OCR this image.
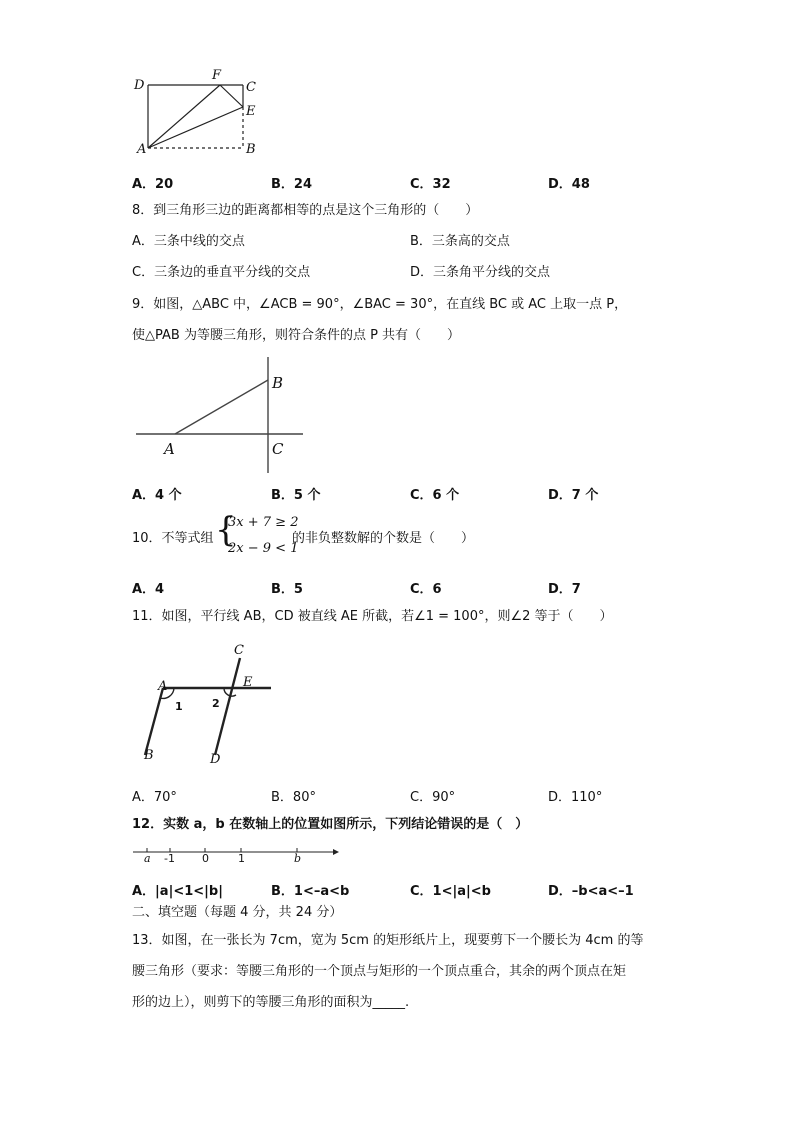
D
F
C
E
A	B
A．20	B．24	C．32	D．48
8．到三角形三边的距离都相等的点是这个三角形的（　　）
A．三条中线的交点	B．三条高的交点
C．三条边的垂直平分线的交点	D．三条角平分线的交点
9．如图，△ABC 中，∠ACB = 90°，∠BAC = 30°，在直线 BC 或 AC 上取一点 P，
使△PAB 为等腰三角形，则符合条件的点 P 共有（　　）
B
A	C
A．4 个	B．5 个	C．6 个	D．7 个
10．不等式组 {
3x + 7 ≥ 2
2x − 9 < 1
的非负整数解的个数是（　　）
A．4	B．5	C．6	D．7
11．如图，平行线 AB，CD 被直线 AE 所截，若∠1 = 100°，则∠2 等于（　　）
C
A	E
1	2
B	D
A．70°	B．80°	C．90°	D．110°
12．实数 a，b 在数轴上的位置如图所示，下列结论错误的是（　）
a -1 0	1	b
A．|a|<1<|b|	B．1<–a<b	C．1<|a|<b	D．–b<a<–1
二、填空题（每题 4 分，共 24 分）
13．如图，在一张长为 7cm，宽为 5cm 的矩形纸片上，现要剪下一个腰长为 4cm 的等
腰三角形（要求：等腰三角形的一个顶点与矩形的一个顶点重合，其余的两个顶点在矩
形的边上），则剪下的等腰三角形的面积为_____.
